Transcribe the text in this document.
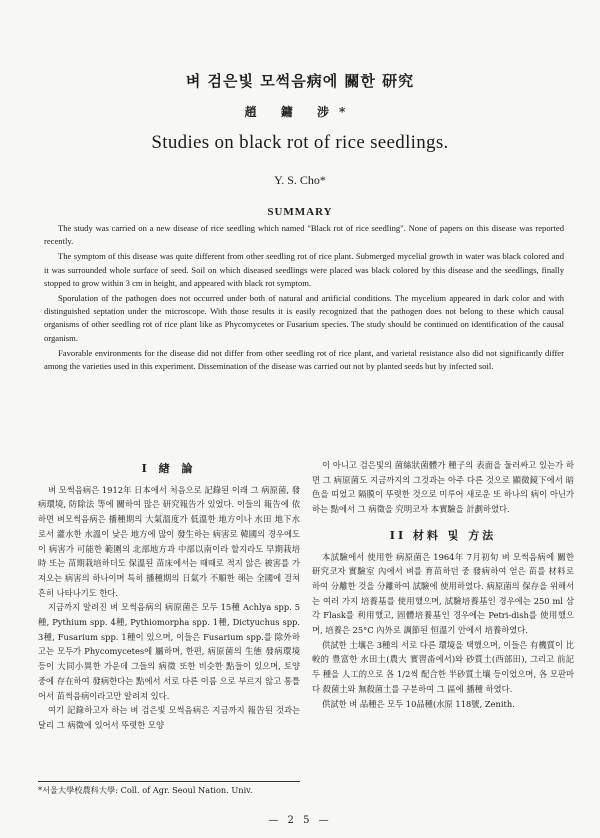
벼 검은빛 모썩음病에 關한 研究
趙 鏞 涉*
Studies on black rot of rice seedlings.
Y. S. Cho*
SUMMARY

The study was carried on a new disease of rice seedling which named "Black rot of rice seedling". None of papers on this disease was reported recently.

The symptom of this disease was quite different from other seedling rot of rice plant. Submerged mycelial growth in water was black colored and it was surrounded whole surface of seed. Soil on which diseased seedlings were placed was black colored by this disease and the seedlings, finally stopped to grow within 3 cm in height, and appeared with black rot symptom.

Sporulation of the pathogen does not occurred under both of natural and artificial conditions. The mycelium appeared in dark color and with distinguished septation under the microscope. With those results it is easily recognized that the pathogen does not belong to these which causal organisms of other seedling rot of rice plant like as Phycomycetes or Fusarium species. The study should be continued on identification of the causal organism.

Favorable environments for the disease did not differ from other seedling rot of rice plant, and varietal resistance also did not significantly differ among the varieties used in this experiment. Dissemination of the disease was carried out not by planted seeds but by infected soil.

I 緖 論

벼 모썩음病은 1912年 日本에서 처음으로 記錄된 이래 그 病原菌, 發病環境, 防除法 等에 關하여 많은 研究報告가 있었다. 이들의 報告에 依하면 벼모썩음病은 播種期의 大氣溫度가 低溫한 地方이나 水田 地下水로서 灌水한 水溫이 낮은 地方에 많이 發生하는 病害로 韓國의 경우에도 이 病害가 可能한 範圍의 北部地方과 中部以南이라 할지라도 早期栽培時 또는 苗期栽培하더도 保溫된 苗床에서는 때때로 적지 않은 被害를 가져오는 病害의 하나이며 특히 播種期의 日氣가 不順한 해는 全國에 걸쳐 흔히 나타나기도 한다.

지금까지 알려진 벼 모썩음病의 病原菌은 모두 15種 Achlya spp. 5種, Pythium spp. 4種, Pythiomorpha spp. 1種, Dictyuchus spp. 3種, Fusarium spp. 1種이 있으며, 이들은 Fusarium spp.를 除外하고는 모두가 Phycomycetes에 屬하며, 한편, 病原菌의 生態 發病環境 등이 大同小異한 가운데 그들의 病徵 또한 비슷한 點들이 있으며, 토양 중에 存在하여 發病한다는 點에서 서로 다른 이름 으로 부르지 않고 통틀어서 苗썩음病이라고만 알려져 있다.

여기 記錄하고자 하는 벼 검은빛 모썩음病은 지금까지 報告된 것과는 달리 그 病徵에 있어서 뚜렷한 모양

이 아니고 검은빛의 菌絲狀菌體가 種子의 表面을 둘러싸고 있는가 하면 그 病原菌도 지금까지의 그것과는 아주 다른 것으로 顯微鏡下에서 暗色을 띠었고 隔膜이 뚜렷한 것으로 미루어 새로운 또 하나의 病이 아닌가 하는 點에서 그 病徵을 究明코자 本實驗을 計劃하였다.

II 材料 및 方法

本試驗에서 使用한 病原菌은 1964年 7月初旬 벼 모썩음病에 關한 研究코자 實驗室 內에서 벼를 育苗하던 중 發病하여 얻은 苗를 材料로 하여 分離한 것을 分離하여 試驗에 使用하였다. 病原菌의 保存을 위해서는 여러 가지 培養基를 使用했으며, 試驗培養基인 경우에는 250 ml 삼각 Flask를 利用했고, 固體培養基인 경우에는 Petri-dish를 使用했으며, 培養은 25°C 內外로 調節된 恒溫기 안에서 培養하였다.

供試한 土壤은 3種의 서로 다른 環境을 택했으며, 이들은 有機質이 比較的 豊富한 水田土(農大 實習畓에서)와 砂質土(西部田), 그리고 前記 두 種을 人工的으로 各 1/2씩 配合한 半砂質土壤 등이었으며, 各 모판마다 殺菌土와 無殺菌土를 구분하여 그 區에 播種 하였다.

供試한 벼 品種은 모두 10品種(水原 118號, Zenith.

*서울大學校農科大學: Coll. of Agr. Seoul Nation. Univ.
— 2 5 —
